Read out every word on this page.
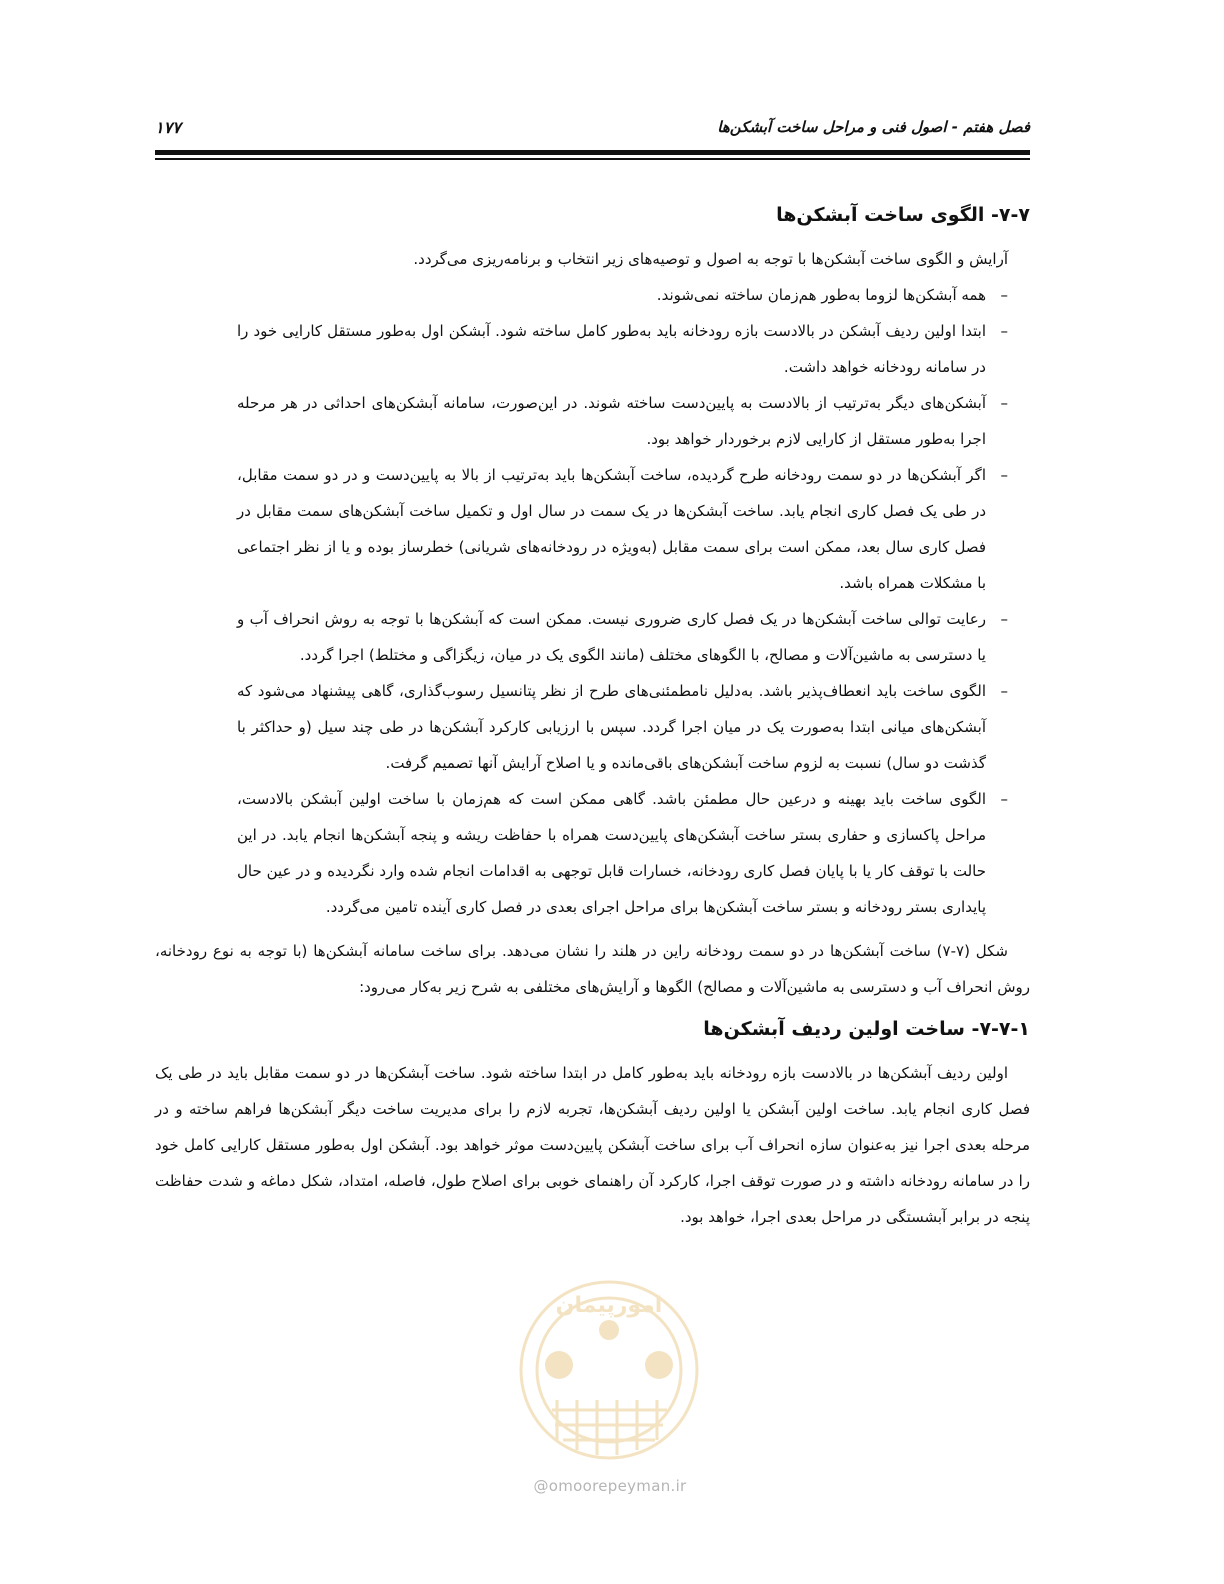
فصل هفتم - اصول فنی و مراحل ساخت آبشکن‌ها
۱۷۷
۷-۷- الگوی ساخت آبشکن‌ها

آرایش و الگوی ساخت آبشکن‌ها با توجه به اصول و توصیه‌های زیر انتخاب و برنامه‌ریزی می‌گردد.

–
همه آبشکن‌ها لزوما به‌طور هم‌زمان ساخته نمی‌شوند.
–
ابتدا اولین ردیف آبشکن در بالادست بازه رودخانه باید به‌طور کامل ساخته شود. آبشکن اول به‌طور مستقل کارایی خود را در سامانه رودخانه خواهد داشت.
–
آبشکن‌های دیگر به‌ترتیب از بالادست به پایین‌دست ساخته شوند. در این‌صورت، سامانه آبشکن‌های احداثی در هر مرحله اجرا به‌طور مستقل از کارایی لازم برخوردار خواهد بود.
–
اگر آبشکن‌ها در دو سمت رودخانه طرح گردیده، ساخت آبشکن‌ها باید به‌ترتیب از بالا به پایین‌دست و در دو سمت مقابل، در طی یک فصل کاری انجام یابد. ساخت آبشکن‌ها در یک سمت در سال اول و تکمیل ساخت آبشکن‌های سمت مقابل در فصل کاری سال بعد، ممکن است برای سمت مقابل (به‌ویژه در رودخانه‌های شریانی) خطرساز بوده و یا از نظر اجتماعی با مشکلات همراه باشد.
–
رعایت توالی ساخت آبشکن‌ها در یک فصل کاری ضروری نیست. ممکن است که آبشکن‌ها با توجه به روش انحراف آب و یا دسترسی به ماشین‌آلات و مصالح، با الگوهای مختلف (مانند الگوی یک در میان، زیگزاگی و مختلط) اجرا گردد.
–
الگوی ساخت باید انعطاف‌پذیر باشد. به‌دلیل نامطمئنی‌های طرح از نظر پتانسیل رسوب‌گذاری، گاهی پیشنهاد می‌شود که آبشکن‌های میانی ابتدا به‌صورت یک در میان اجرا گردد. سپس با ارزیابی کارکرد آبشکن‌ها در طی چند سیل (و حداکثر با گذشت دو سال) نسبت به لزوم ساخت آبشکن‌های باقی‌مانده و یا اصلاح آرایش آنها تصمیم گرفت.
–
الگوی ساخت باید بهینه و درعین حال مطمئن باشد. گاهی ممکن است که هم‌زمان با ساخت اولین آبشکن بالادست، مراحل پاکسازی و حفاری بستر ساخت آبشکن‌های پایین‌دست همراه با حفاظت ریشه و پنجه آبشکن‌ها انجام یابد. در این حالت با توقف کار یا با پایان فصل کاری رودخانه، خسارات قابل توجهی به اقدامات انجام شده وارد نگردیده و در عین حال پایداری بستر رودخانه و بستر ساخت آبشکن‌ها برای مراحل اجرای بعدی در فصل کاری آینده تامین می‌گردد.

شکل (۷-۷) ساخت آبشکن‌ها در دو سمت رودخانه راین در هلند را نشان می‌دهد. برای ساخت سامانه آبشکن‌ها (با توجه به نوع رودخانه، روش انحراف آب و دسترسی به ماشین‌آلات و مصالح) الگوها و آرایش‌های مختلفی به شرح زیر به‌کار می‌رود:

۷-۷-۱- ساخت اولین ردیف آبشکن‌ها

اولین ردیف آبشکن‌ها در بالادست بازه رودخانه باید به‌طور کامل در ابتدا ساخته شود. ساخت آبشکن‌ها در دو سمت مقابل باید در طی یک فصل کاری انجام یابد. ساخت اولین آبشکن یا اولین ردیف آبشکن‌ها، تجربه لازم را برای مدیریت ساخت دیگر آبشکن‌ها فراهم ساخته و در مرحله بعدی اجرا نیز به‌عنوان سازه انحراف آب برای ساخت آبشکن پایین‌دست موثر خواهد بود. آبشکن اول به‌طور مستقل کارایی کامل خود را در سامانه رودخانه داشته و در صورت توقف اجرا، کارکرد آن راهنمای خوبی برای اصلاح طول، فاصله، امتداد، شکل دماغه و شدت حفاظت پنجه در برابر آبشستگی در مراحل بعدی اجرا، خواهد بود.

امورپیمان
@omoorepeyman.ir
